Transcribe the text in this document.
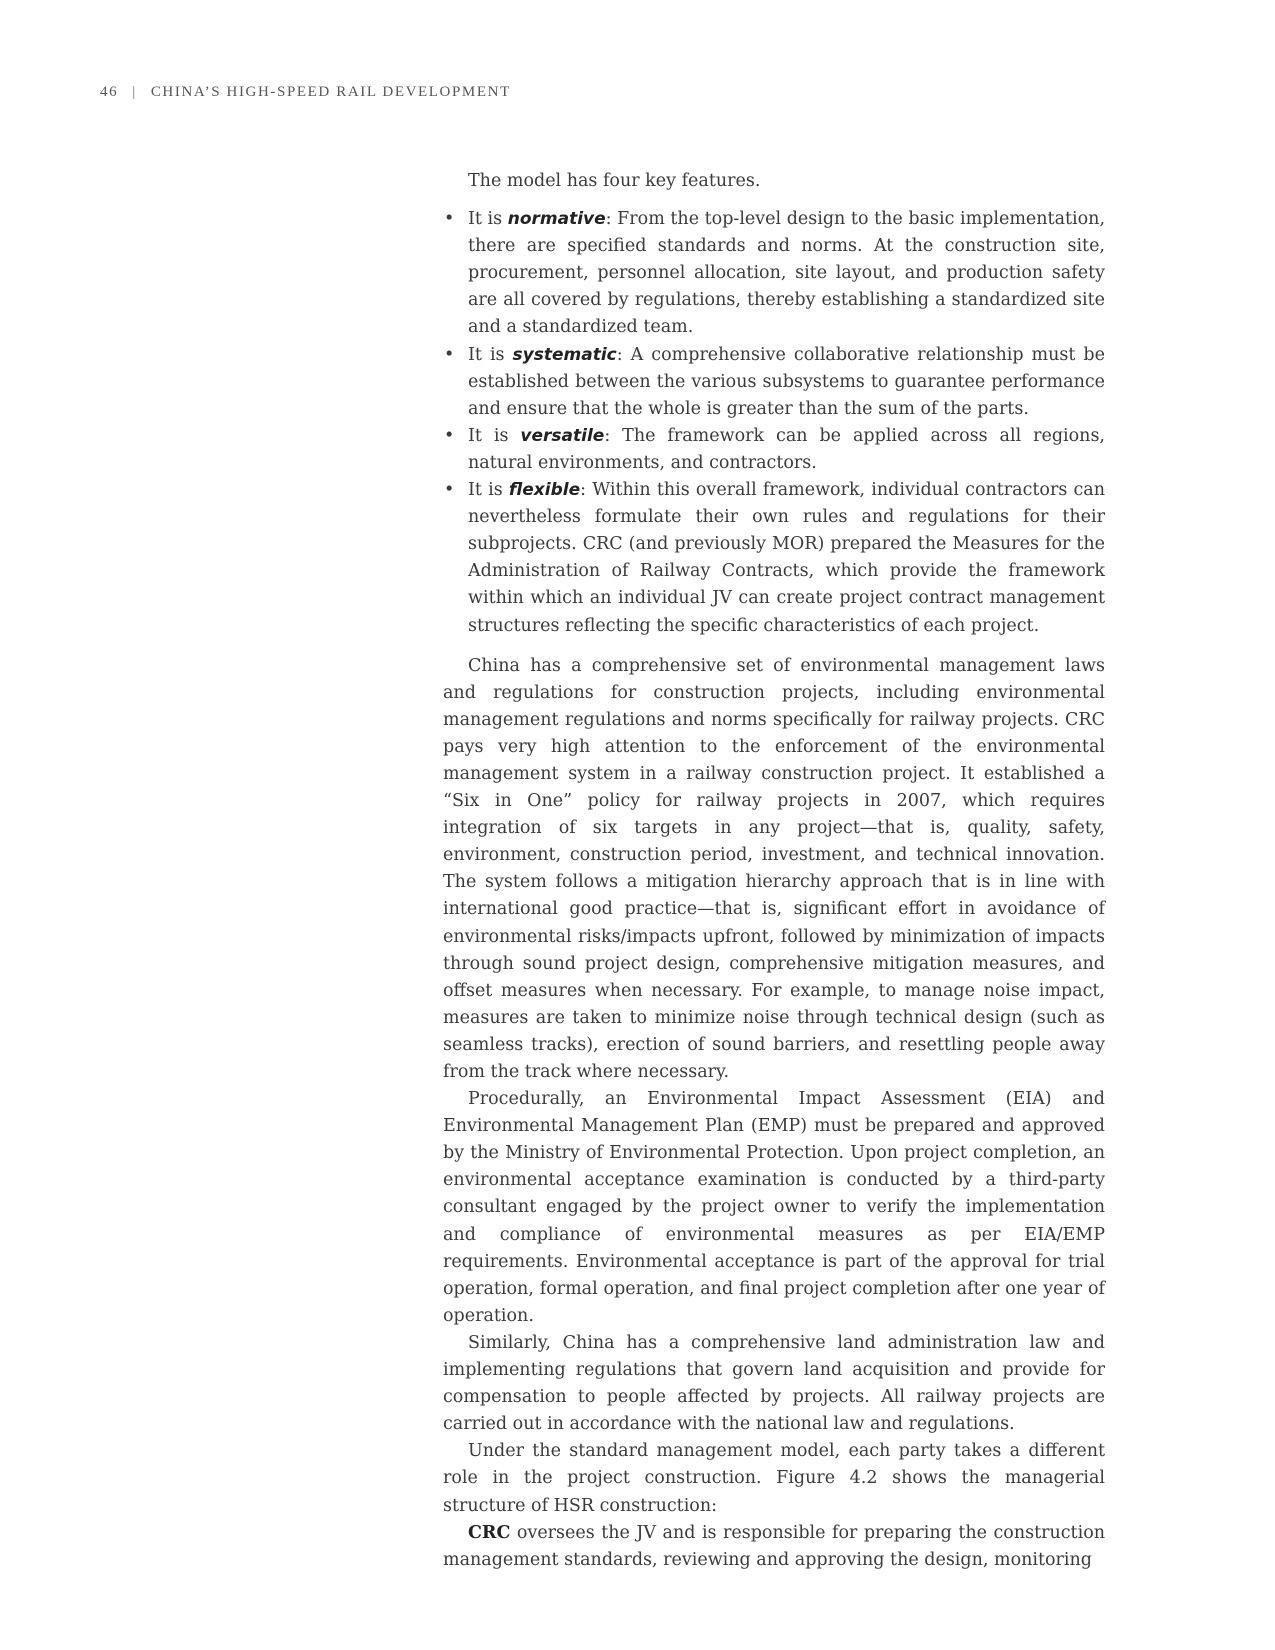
46 | CHINA’S HIGH-SPEED RAIL DEVELOPMENT

The model has four key features.

• It is normative: From the top-level design to the basic implementation, there are specified standards and norms. At the construction site, procurement, personnel allocation, site layout, and production safety are all covered by regulations, thereby establishing a standardized site and a standardized team.
• It is systematic: A comprehensive collaborative relationship must be established between the various subsystems to guarantee performance and ensure that the whole is greater than the sum of the parts.
• It is versatile: The framework can be applied across all regions, natural environments, and contractors.
• It is flexible: Within this overall framework, individual contractors can nevertheless formulate their own rules and regulations for their subprojects. CRC (and previously MOR) prepared the Measures for the Administration of Railway Contracts, which provide the framework within which an individual JV can create project contract management structures reflecting the specific characteristics of each project.

China has a comprehensive set of environmental management laws and regulations for construction projects, including environmental management regulations and norms specifically for railway projects. CRC pays very high attention to the enforcement of the environmental management system in a railway construction project. It established a “Six in One” policy for railway projects in 2007, which requires integration of six targets in any project—that is, quality, safety, environment, construction period, investment, and technical innovation. The system follows a mitigation hierarchy approach that is in line with international good practice—that is, significant effort in avoidance of environmental risks/impacts upfront, followed by minimization of impacts through sound project design, comprehensive mitigation measures, and offset measures when necessary. For example, to manage noise impact, measures are taken to minimize noise through technical design (such as seamless tracks), erection of sound barriers, and resettling people away from the track where necessary.

Procedurally, an Environmental Impact Assessment (EIA) and Environmental Management Plan (EMP) must be prepared and approved by the Ministry of Environmental Protection. Upon project completion, an environmental acceptance examination is conducted by a third-party consultant engaged by the project owner to verify the implementation and compliance of environmental measures as per EIA/EMP requirements. Environmental acceptance is part of the approval for trial operation, formal operation, and final project completion after one year of operation.

Similarly, China has a comprehensive land administration law and implementing regulations that govern land acquisition and provide for compensation to people affected by projects. All railway projects are carried out in accordance with the national law and regulations.

Under the standard management model, each party takes a different role in the project construction. Figure 4.2 shows the managerial structure of HSR construction:

CRC oversees the JV and is responsible for preparing the construction management standards, reviewing and approving the design, monitoring
